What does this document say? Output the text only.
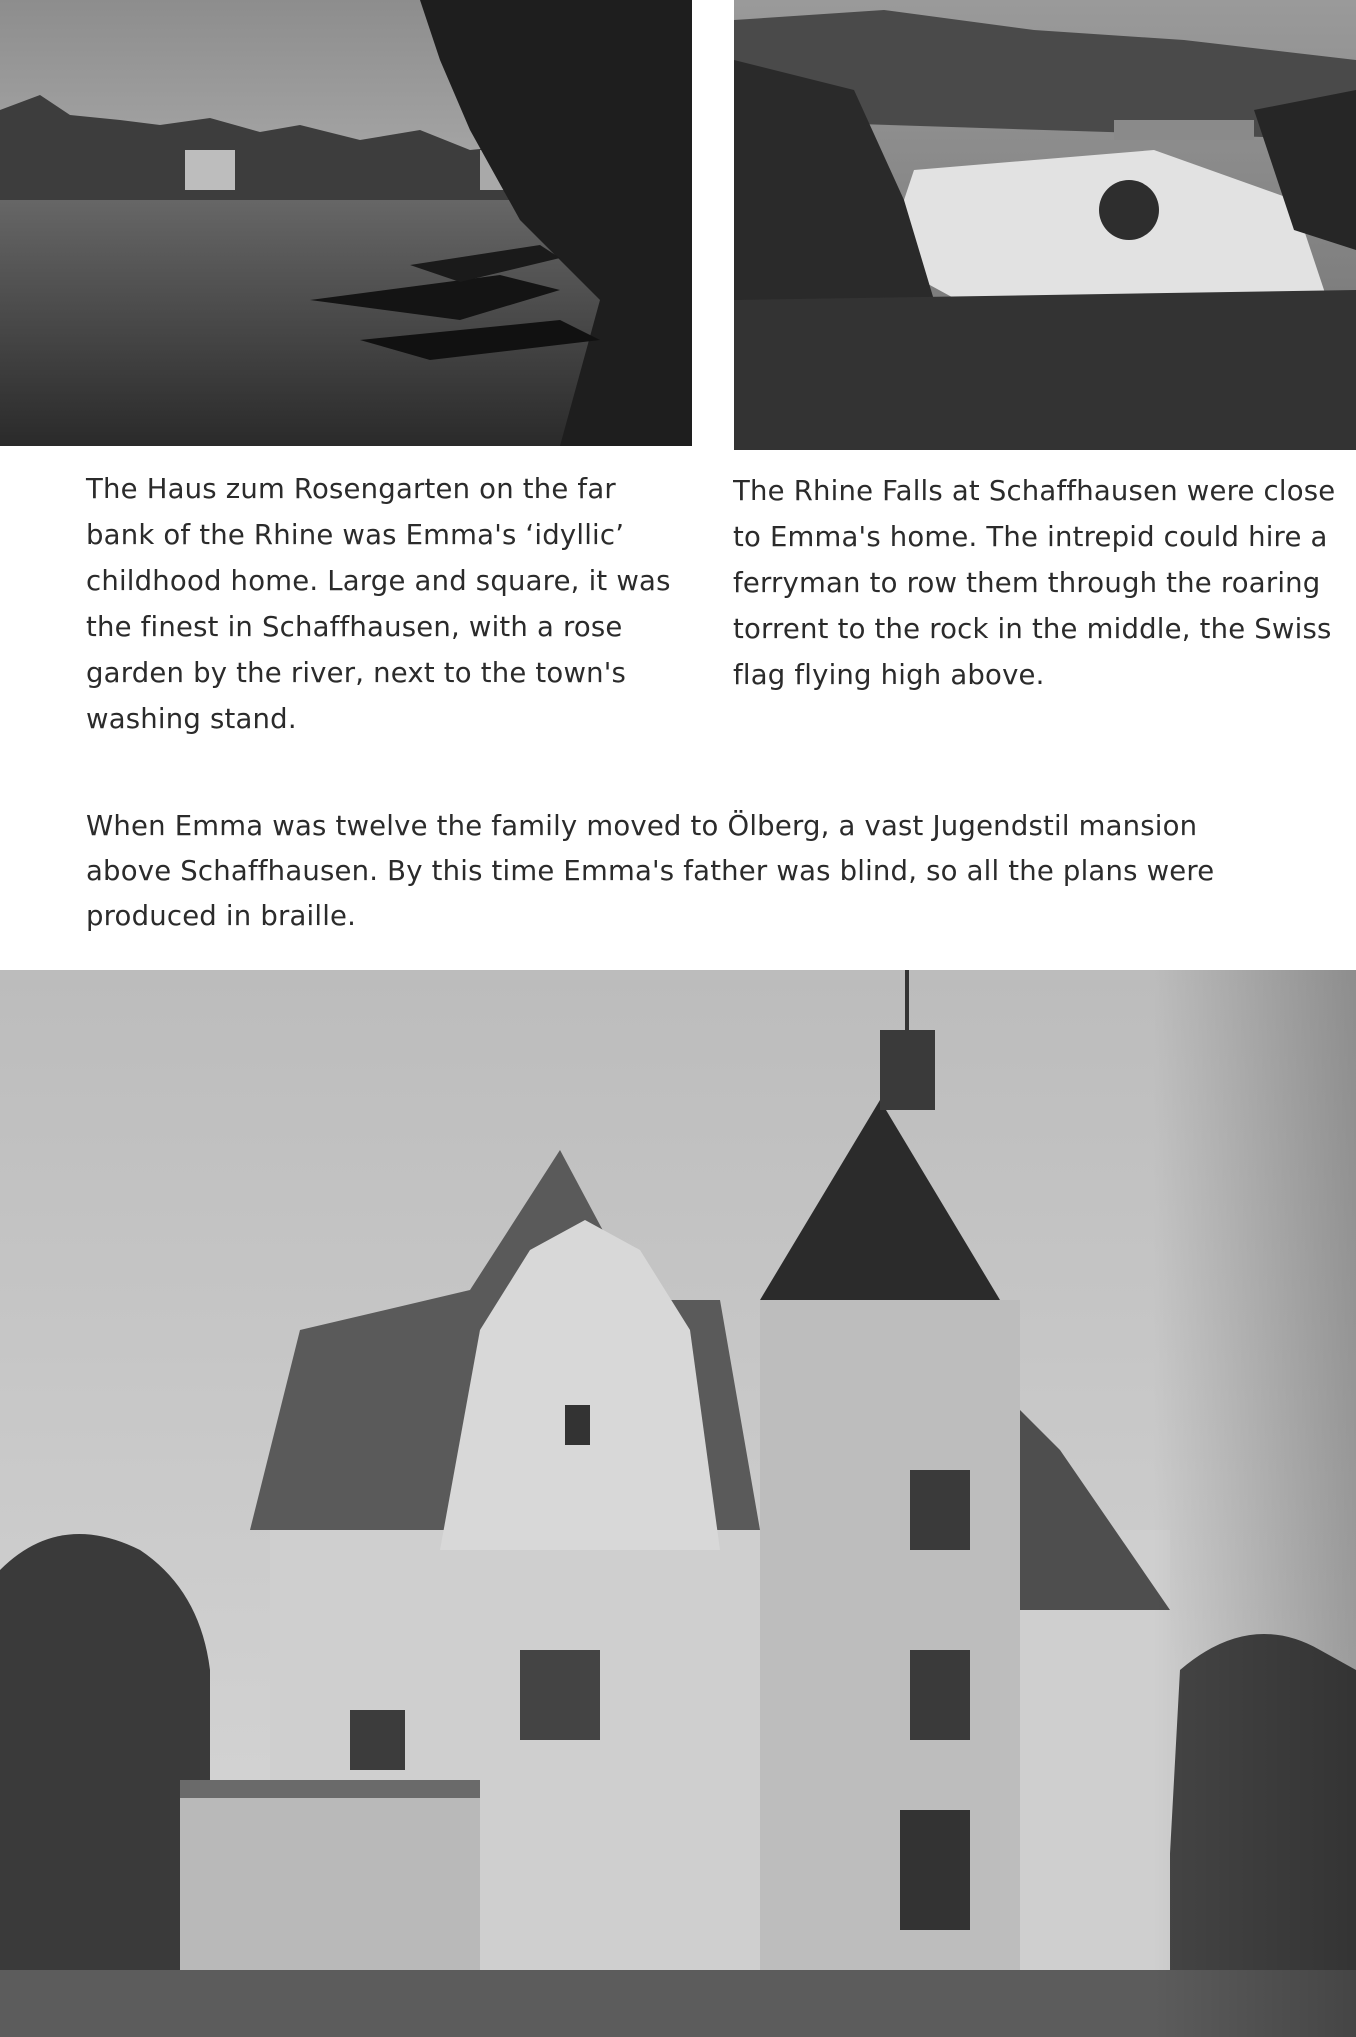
The Haus zum Rosengarten on the far
bank of the Rhine was Emma's ‘idyllic’
childhood home. Large and square, it was
the finest in Schaffhausen, with a rose
garden by the river, next to the town's
washing stand.

The Rhine Falls at Schaffhausen were close
to Emma's home. The intrepid could hire a
ferryman to row them through the roaring
torrent to the rock in the middle, the Swiss
flag flying high above.

When Emma was twelve the family moved to Ölberg, a vast Jugendstil mansion
above Schaffhausen. By this time Emma's father was blind, so all the plans were
produced in braille.
